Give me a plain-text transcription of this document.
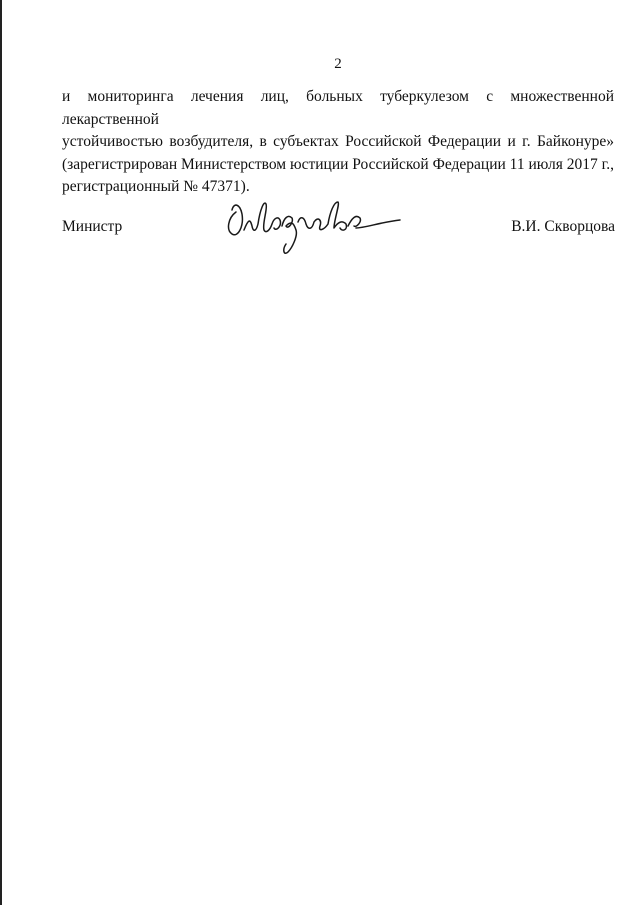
2
и мониторинга лечения лиц, больных туберкулезом с множественной лекарственной
устойчивостью возбудителя, в субъектах Российской Федерации и г. Байконуре»
(зарегистрирован Министерством юстиции Российской Федерации 11 июля 2017 г.,
регистрационный № 47371).
Министр	В.И. Скворцова
